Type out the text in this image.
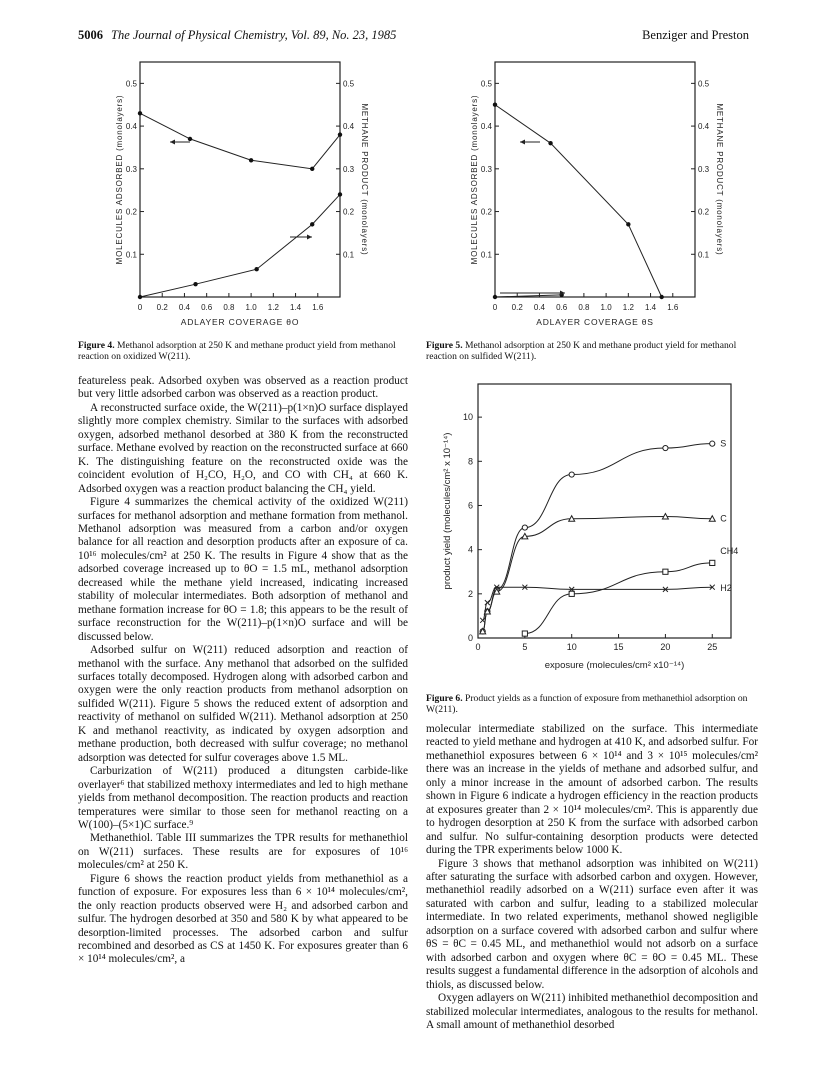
5006 The Journal of Physical Chemistry, Vol. 89, No. 23, 1985	Benziger and Preston
0 0.2 0.4 0.6 0.8 1.0 1.2 1.4 1.6
0.1	0.1
0.2	0.2
0.3	0.3
0.4	0.4
0.5	0.5
ADLAYER COVERAGE θO
MOLECULES ADSORBED (monolayers)	METHANE PRODUCT (monolayers)
Figure 4. Methanol adsorption at 250 K and methane product yield from methanol reaction on oxidized W(211).
0 0.2 0.4 0.6 0.8 1.0 1.2 1.4 1.6
0.1	0.1
0.2	0.2
0.3	0.3
0.4	0.4
0.5	0.5
ADLAYER COVERAGE θS
MOLECULES ADSORBED (monolayers)	METHANE PRODUCT (monolayers)
Figure 5. Methanol adsorption at 250 K and methane product yield for methanol reaction on sulfided W(211).
0	5	10	15	20	25
0
2
4
6
8
10
exposure (molecules/cm² x10⁻¹⁴)
product yield (molecules/cm² x 10⁻¹⁴)	S
C
CH4
H2
Figure 6. Product yields as a function of exposure from methanethiol adsorption on W(211).

featureless peak. Adsorbed oxyben was observed as a reaction product but very little adsorbed carbon was observed as a reaction product.

A reconstructed surface oxide, the W(211)–p(1×n)O surface displayed slightly more complex chemistry. Similar to the surfaces with adsorbed oxygen, adsorbed methanol desorbed at 380 K from the reconstructed surface. Methane evolved by reaction on the reconstructed surface at 660 K. The distinguishing feature on the reconstructed oxide was the coincident evolution of H₂CO, H₂O, and CO with CH₄ at 660 K. Adsorbed oxygen was a reaction product balancing the CH₄ yield.

Figure 4 summarizes the chemical activity of the oxidized W(211) surfaces for methanol adsorption and methane formation from methanol. Methanol adsorption was measured from a carbon and/or oxygen balance for all reaction and desorption products after an exposure of ca. 10¹⁶ molecules/cm² at 250 K. The results in Figure 4 show that as the adsorbed coverage increased up to θO = 1.5 mL, methanol adsorption decreased while the methane yield increased, indicating increased stability of molecular intermediates. Both adsorption of methanol and methane formation increase for θO = 1.8; this appears to be the result of surface reconstruction for the W(211)–p(1×n)O surface and will be discussed below.

Adsorbed sulfur on W(211) reduced adsorption and reaction of methanol with the surface. Any methanol that adsorbed on the sulfided surfaces totally decomposed. Hydrogen along with adsorbed carbon and oxygen were the only reaction products from methanol adsorption on sulfided W(211). Figure 5 shows the reduced extent of adsorption and reactivity of methanol on sulfided W(211). Methanol adsorption at 250 K and methanol reactivity, as indicated by oxygen adsorption and methane production, both decreased with sulfur coverage; no methanol adsorption was detected for sulfur coverages above 1.5 ML.

Carburization of W(211) produced a ditungsten carbide-like overlayer⁶ that stabilized methoxy intermediates and led to high methane yields from methanol decomposition. The reaction products and reaction temperatures were similar to those seen for methanol reacting on a W(100)–(5×1)C surface.⁹

Methanethiol. Table III summarizes the TPR results for methanethiol on W(211) surfaces. These results are for exposures of 10¹⁶ molecules/cm² at 250 K.

Figure 6 shows the reaction product yields from methanethiol as a function of exposure. For exposures less than 6 × 10¹⁴ molecules/cm², the only reaction products observed were H₂ and adsorbed carbon and sulfur. The hydrogen desorbed at 350 and 580 K by what appeared to be desorption-limited processes. The adsorbed carbon and sulfur recombined and desorbed as CS at 1450 K. For exposures greater than 6 × 10¹⁴ molecules/cm², a

molecular intermediate stabilized on the surface. This intermediate reacted to yield methane and hydrogen at 410 K, and adsorbed sulfur. For methanethiol exposures between 6 × 10¹⁴ and 3 × 10¹⁵ molecules/cm² there was an increase in the yields of methane and adsorbed sulfur, and only a minor increase in the amount of adsorbed carbon. The results shown in Figure 6 indicate a hydrogen efficiency in the reaction products at exposures greater than 2 × 10¹⁴ molecules/cm². This is apparently due to hydrogen desorption at 250 K from the surface with adsorbed carbon and sulfur. No sulfur-containing desorption products were detected during the TPR experiments below 1000 K.

Figure 3 shows that methanol adsorption was inhibited on W(211) after saturating the surface with adsorbed carbon and oxygen. However, methanethiol readily adsorbed on a W(211) surface even after it was saturated with carbon and sulfur, leading to a stabilized molecular intermediate. In two related experiments, methanol showed negligible adsorption on a surface covered with adsorbed carbon and sulfur where θS = θC = 0.45 ML, and methanethiol would not adsorb on a surface with adsorbed carbon and oxygen where θC = θO = 0.45 ML. These results suggest a fundamental difference in the adsorption of alcohols and thiols, as discussed below.

Oxygen adlayers on W(211) inhibited methanethiol decomposition and stabilized molecular intermediates, analogous to the results for methanol. A small amount of methanethiol desorbed
